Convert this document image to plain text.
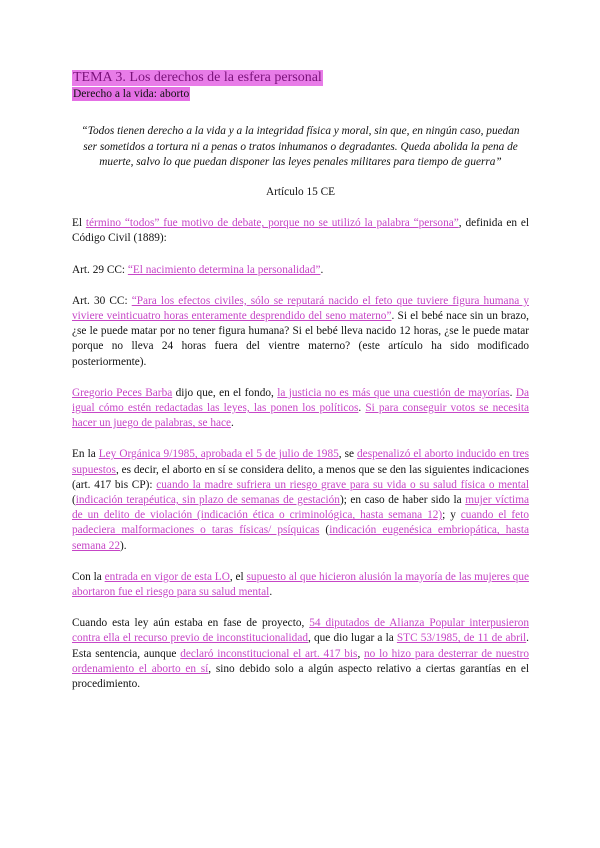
TEMA 3. Los derechos de la esfera personal
Derecho a la vida: aborto
“Todos tienen derecho a la vida y a la integridad física y moral, sin que, en ningún caso, puedan ser sometidos a tortura ni a penas o tratos inhumanos o degradantes. Queda abolida la pena de muerte, salvo lo que puedan disponer las leyes penales militares para tiempo de guerra”
Artículo 15 CE

El término “todos” fue motivo de debate, porque no se utilizó la palabra “persona”, definida en el Código Civil (1889):

Art. 29 CC: “El nacimiento determina la personalidad”.

Art. 30 CC: “Para los efectos civiles, sólo se reputará nacido el feto que tuviere figura humana y viviere veinticuatro horas enteramente desprendido del seno materno”. Si el bebé nace sin un brazo, ¿se le puede matar por no tener figura humana? Si el bebé lleva nacido 12 horas, ¿se le puede matar porque no lleva 24 horas fuera del vientre materno? (este artículo ha sido modificado posteriormente).

Gregorio Peces Barba dijo que, en el fondo, la justicia no es más que una cuestión de mayorías. Da igual cómo estén redactadas las leyes, las ponen los políticos. Si para conseguir votos se necesita hacer un juego de palabras, se hace.

En la Ley Orgánica 9/1985, aprobada el 5 de julio de 1985, se despenalizó el aborto inducido en tres supuestos, es decir, el aborto en sí se considera delito, a menos que se den las siguientes indicaciones (art. 417 bis CP): cuando la madre sufriera un riesgo grave para su vida o su salud física o mental (indicación terapéutica, sin plazo de semanas de gestación); en caso de haber sido la mujer víctima de un delito de violación (indicación ética o criminológica, hasta semana 12); y cuando el feto padeciera malformaciones o taras físicas/ psíquicas (indicación eugenésica embriopática, hasta semana 22).

Con la entrada en vigor de esta LO, el supuesto al que hicieron alusión la mayoría de las mujeres que abortaron fue el riesgo para su salud mental.

Cuando esta ley aún estaba en fase de proyecto, 54 diputados de Alianza Popular interpusieron contra ella el recurso previo de inconstitucionalidad, que dio lugar a la STC 53/1985, de 11 de abril. Esta sentencia, aunque declaró inconstitucional el art. 417 bis, no lo hizo para desterrar de nuestro ordenamiento el aborto en sí, sino debido solo a algún aspecto relativo a ciertas garantías en el procedimiento.
